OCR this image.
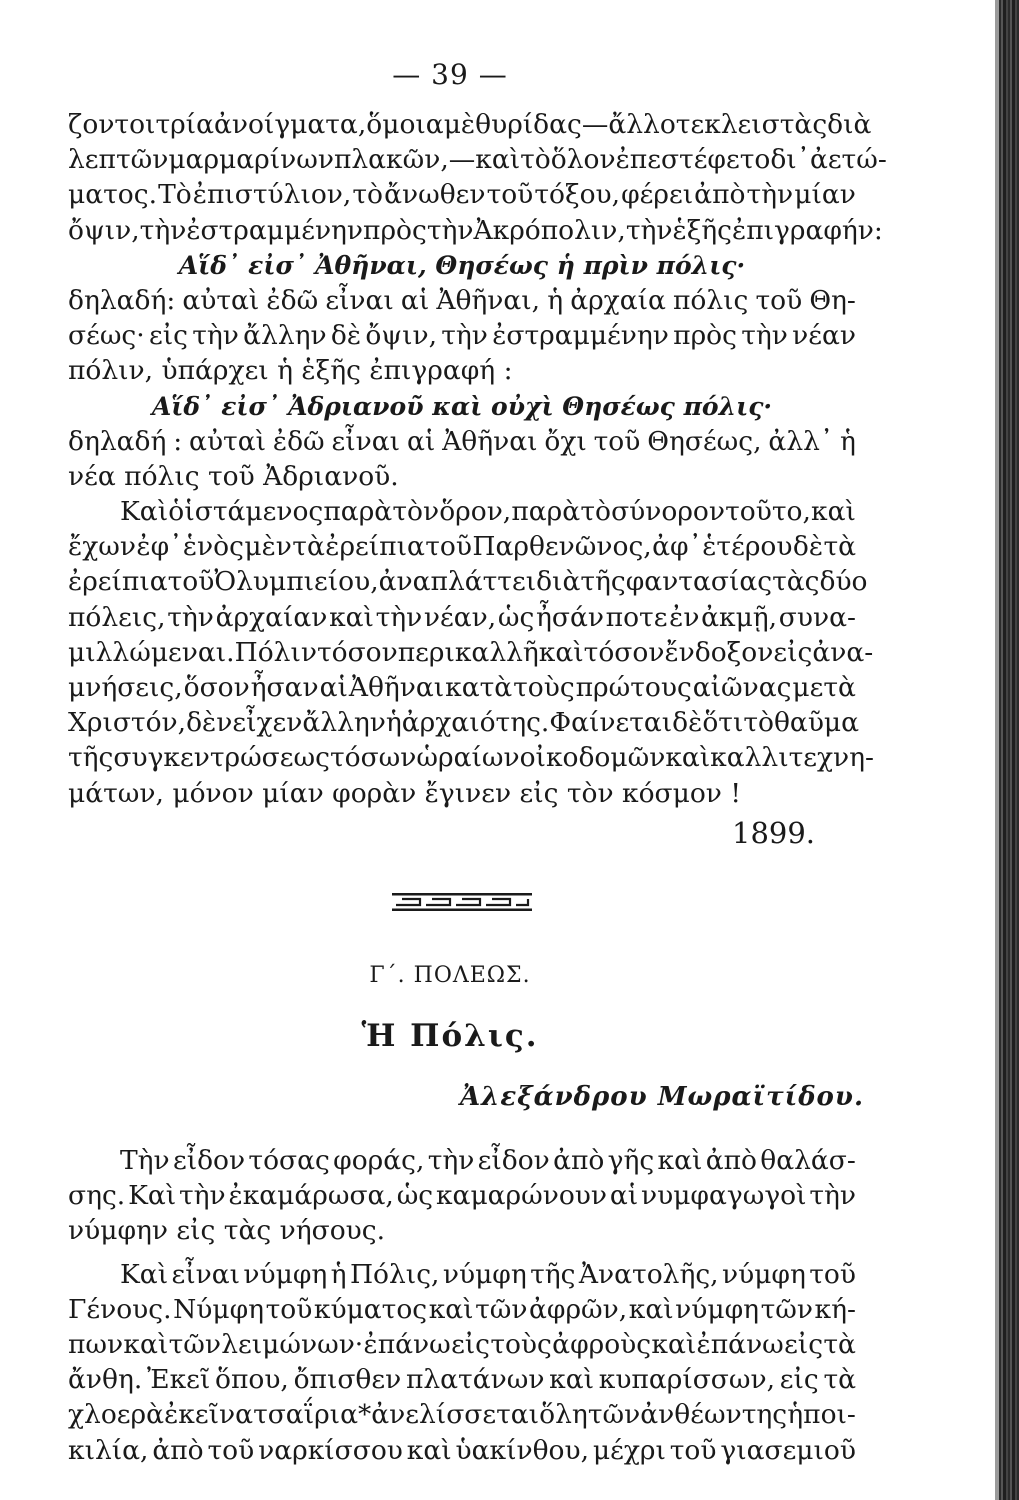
— 39 —
ζοντοι τρία ἀνοίγματα, ὅμοια μὲ θυρίδας—ἄλλοτε κλειστὰς διὰ
λεπτῶν μαρμαρίνων πλακῶν,—καὶ τὸ ὅλον ἐπεστέφετο δι᾽ ἀετώ-
ματος. Τὸ ἐπιστύλιον, τὸ ἄνωθεν τοῦ τόξου, φέρει ἀπὸ τὴν μίαν
ὄψιν, τὴν ἐστραμμένην πρὸς τὴν Ἀκρόπολιν, τὴν ἑξῆς ἐπιγραφήν :
Αἵδ᾽ εἰσ᾽ Ἀθῆναι, Θησέως ἡ πρὶν πόλις·
δηλαδή: αὐταὶ ἐδῶ εἶναι αἱ Ἀθῆναι, ἡ ἀρχαία πόλις τοῦ Θη-
σέως· εἰς τὴν ἄλλην δὲ ὄψιν, τὴν ἐστραμμένην πρὸς τὴν νέαν
πόλιν, ὑπάρχει ἡ ἑξῆς ἐπιγραφή :
Αἵδ᾽ εἰσ᾽ Ἀδριανοῦ καὶ οὐχὶ Θησέως πόλις·
δηλαδή : αὐταὶ ἐδῶ εἶναι αἱ Ἀθῆναι ὄχι τοῦ Θησέως, ἀλλ᾽ ἡ
νέα πόλις τοῦ Ἀδριανοῦ.
Καὶ ὁ ἱστάμενος παρὰ τὸν ὅρον, παρὰ τὸ σύνορον τοῦτο, καὶ
ἔχων ἐφ᾽ ἑνὸς μὲν τὰ ἐρείπια τοῦ Παρθενῶνος, ἀφ᾽ ἑτέρου δὲ τὰ
ἐρείπια τοῦ Ὀλυμπιείου, ἀναπλάττει διὰ τῆς φαντασίας τὰς δύο
πόλεις, τὴν ἀρχαίαν καὶ τὴν νέαν, ὡς ἦσάν ποτε ἐν ἀκμῇ, συνα-
μιλλώμεναι. Πόλιν τόσον περικαλλῆ καὶ τόσον ἔνδοξον εἰς ἀνα-
μνήσεις, ὅσον ἦσαν αἱ Ἀθῆναι κατὰ τοὺς πρώτους αἰῶνας μετὰ
Χριστόν, δὲν εἶχεν ἄλλην ἡ ἀρχαιότης. Φαίνεται δὲ ὅτι τὸ θαῦμα
τῆς συγκεντρώσεως τόσων ὡραίων οἰκοδομῶν καὶ καλλιτεχνη-
μάτων, μόνον μίαν φορὰν ἔγινεν εἰς τὸν κόσμον !
1899.
Γ΄. ΠΟΛΕΩΣ.
Ἡ Πόλις.
Ἀλεξάνδρου Μωραϊτίδου.
Τὴν εἶδον τόσας φοράς, τὴν εἶδον ἀπὸ γῆς καὶ ἀπὸ θαλάσ-
σης. Καὶ τὴν ἐκαμάρωσα, ὡς καμαρώνουν αἱ νυμφαγωγοὶ τὴν
νύμφην εἰς τὰς νήσους.
Καὶ εἶναι νύμφη ἡ Πόλις, νύμφη τῆς Ἀνατολῆς, νύμφη τοῦ
Γένους. Νύμφη τοῦ κύματος καὶ τῶν ἀφρῶν, καὶ νύμφη τῶν κή-
πων καὶ τῶν λειμώνων· ἐπάνω εἰς τοὺς ἀφροὺς καὶ ἐπάνω εἰς τὰ
ἄνθη. Ἐκεῖ ὅπου, ὄπισθεν πλατάνων καὶ κυπαρίσσων, εἰς τὰ
χλοερὰ ἐκεῖνα τσαΐρια* ἀνελίσσεται ὅλη τῶν ἀνθέων της ἡ ποι-
κιλία, ἀπὸ τοῦ ναρκίσσου καὶ ὑακίνθου, μέχρι τοῦ γιασεμιοῦ
